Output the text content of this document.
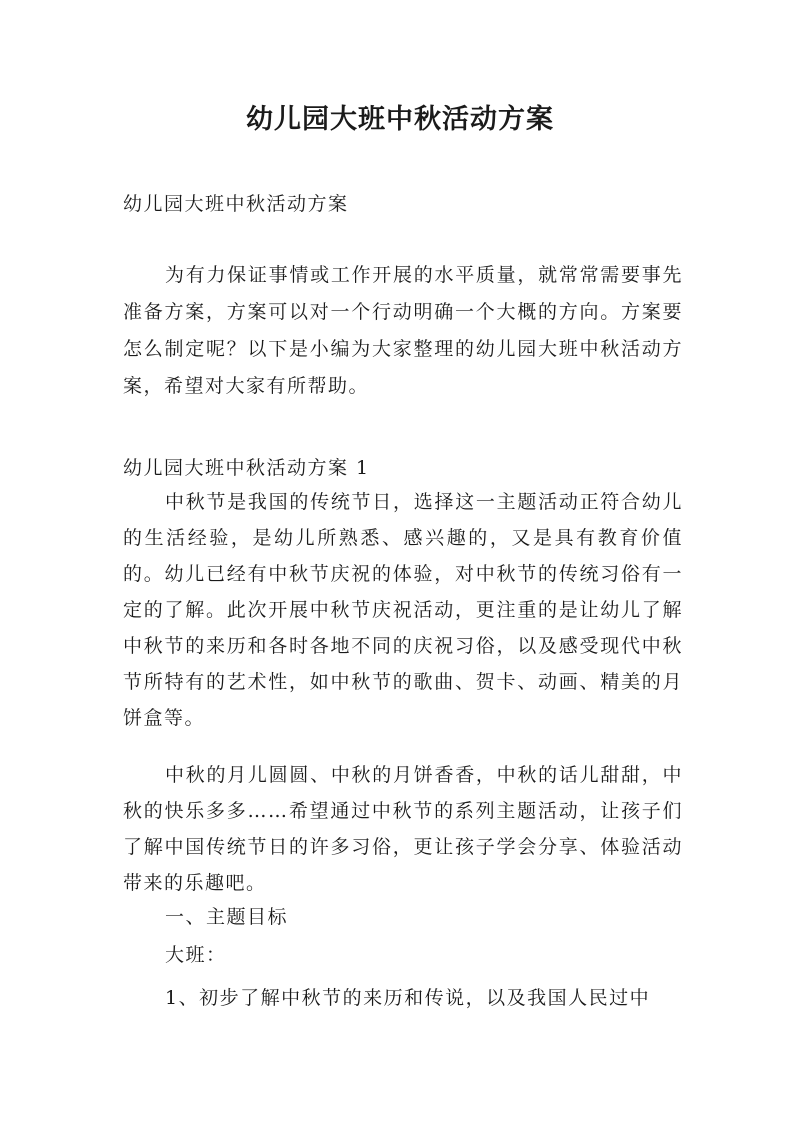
幼儿园大班中秋活动方案
幼儿园大班中秋活动方案

为有力保证事情或工作开展的水平质量，就常常需要事先准备方案，方案可以对一个行动明确一个大概的方向。方案要怎么制定呢？以下是小编为大家整理的幼儿园大班中秋活动方案，希望对大家有所帮助。

幼儿园大班中秋活动方案 1

中秋节是我国的传统节日，选择这一主题活动正符合幼儿的生活经验，是幼儿所熟悉、感兴趣的，又是具有教育价值的。幼儿已经有中秋节庆祝的体验，对中秋节的传统习俗有一定的了解。此次开展中秋节庆祝活动，更注重的是让幼儿了解中秋节的来历和各时各地不同的庆祝习俗，以及感受现代中秋节所特有的艺术性，如中秋节的歌曲、贺卡、动画、精美的月饼盒等。

中秋的月儿圆圆、中秋的月饼香香，中秋的话儿甜甜，中秋的快乐多多……希望通过中秋节的系列主题活动，让孩子们了解中国传统节日的许多习俗，更让孩子学会分享、体验活动带来的乐趣吧。

一、主题目标
大班：
1、初步了解中秋节的来历和传说，以及我国人民过中
